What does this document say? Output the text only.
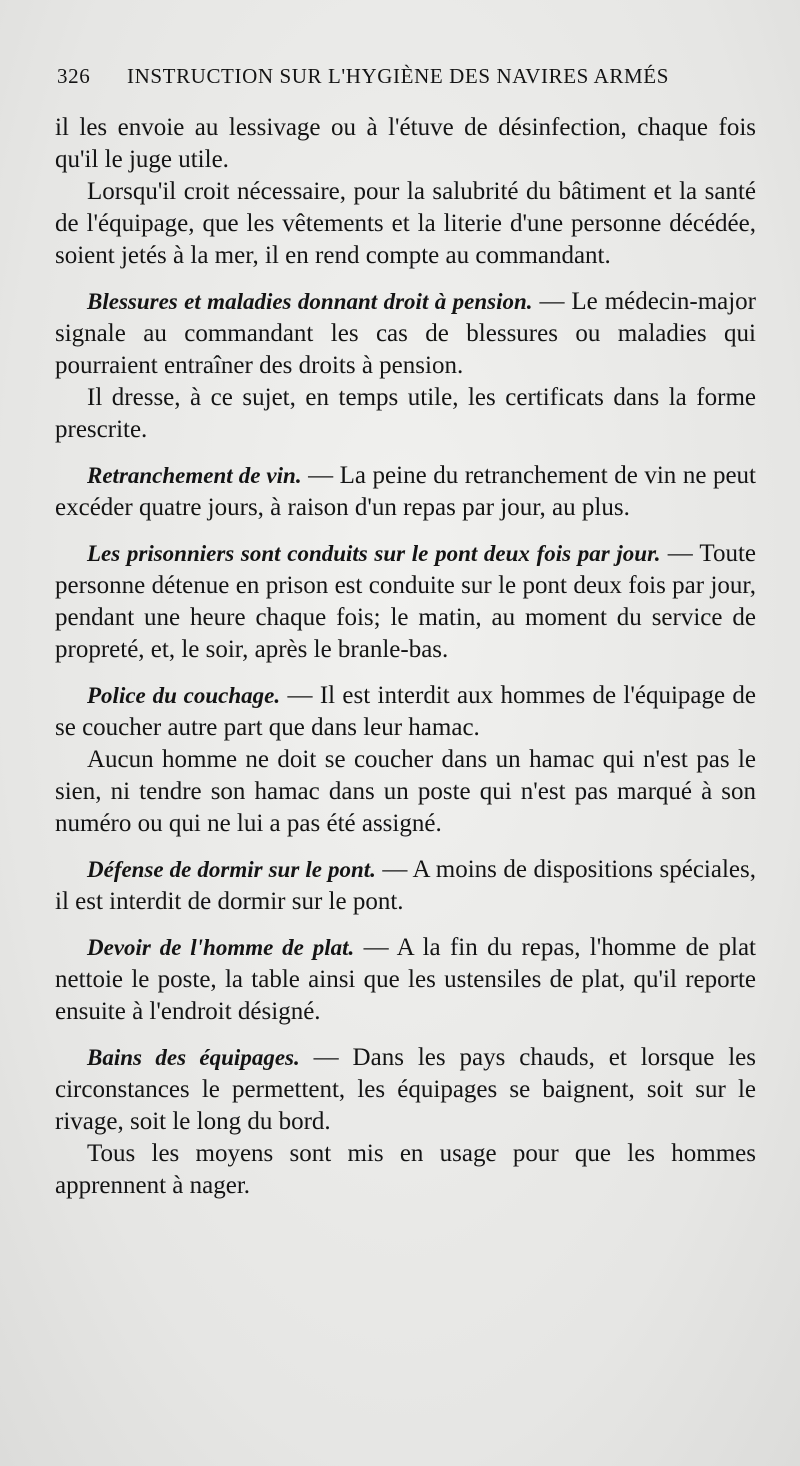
326 INSTRUCTION SUR L'HYGIÈNE DES NAVIRES ARMÉS

il les envoie au lessivage ou à l'étuve de désinfection, chaque fois qu'il le juge utile.

Lorsqu'il croit nécessaire, pour la salubrité du bâtiment et la santé de l'équipage, que les vêtements et la literie d'une personne décédée, soient jetés à la mer, il en rend compte au commandant.

Blessures et maladies donnant droit à pension. — Le médecin-major signale au commandant les cas de blessures ou maladies qui pourraient entraîner des droits à pension.

Il dresse, à ce sujet, en temps utile, les certificats dans la forme prescrite.

Retranchement de vin. — La peine du retranchement de vin ne peut excéder quatre jours, à raison d'un repas par jour, au plus.

Les prisonniers sont conduits sur le pont deux fois par jour. — Toute personne détenue en prison est conduite sur le pont deux fois par jour, pendant une heure chaque fois; le matin, au moment du service de propreté, et, le soir, après le branle-bas.

Police du couchage. — Il est interdit aux hommes de l'équipage de se coucher autre part que dans leur hamac.

Aucun homme ne doit se coucher dans un hamac qui n'est pas le sien, ni tendre son hamac dans un poste qui n'est pas marqué à son numéro ou qui ne lui a pas été assigné.

Défense de dormir sur le pont. — A moins de dispositions spéciales, il est interdit de dormir sur le pont.

Devoir de l'homme de plat. — A la fin du repas, l'homme de plat nettoie le poste, la table ainsi que les ustensiles de plat, qu'il reporte ensuite à l'endroit désigné.

Bains des équipages. — Dans les pays chauds, et lorsque les circonstances le permettent, les équipages se baignent, soit sur le rivage, soit le long du bord.

Tous les moyens sont mis en usage pour que les hommes apprennent à nager.
